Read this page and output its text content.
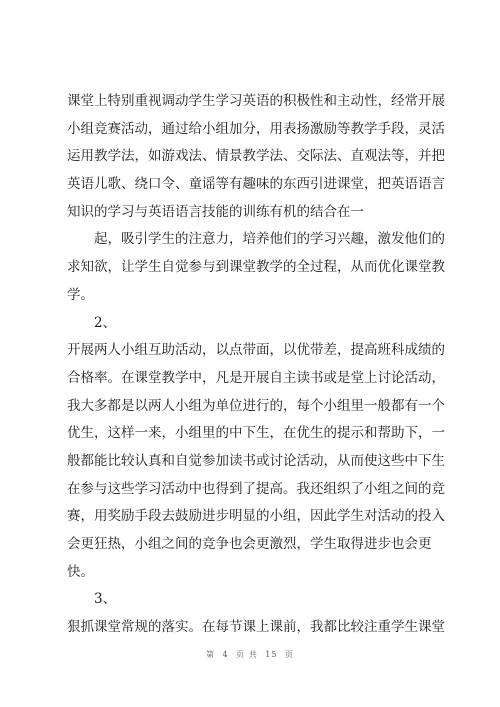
课堂上特别重视调动学生学习英语的积极性和主动性，经常开展
小组竞赛活动，通过给小组加分，用表扬激励等教学手段，灵活
运用教学法，如游戏法、情景教学法、交际法、直观法等，并把
英语儿歌、绕口令、童谣等有趣味的东西引进课堂，把英语语言
知识的学习与英语语言技能的训练有机的结合在一
起，吸引学生的注意力，培养他们的学习兴趣，激发他们的
求知欲，让学生自觉参与到课堂教学的全过程，从而优化课堂教
学。
2、
开展两人小组互助活动，以点带面，以优带差，提高班科成绩的
合格率。在课堂教学中，凡是开展自主读书或是堂上讨论活动，
我大多都是以两人小组为单位进行的，每个小组里一般都有一个
优生，这样一来，小组里的中下生，在优生的提示和帮助下，一
般都能比较认真和自觉参加读书或讨论活动，从而使这些中下生
在参与这些学习活动中也得到了提高。我还组织了小组之间的竞
赛，用奖励手段去鼓励进步明显的小组，因此学生对活动的投入
会更狂热，小组之间的竞争也会更激烈，学生取得进步也会更
快。
3、
狠抓课堂常规的落实。在每节课上课前，我都比较注重学生课堂
第 4 页 共 15 页
